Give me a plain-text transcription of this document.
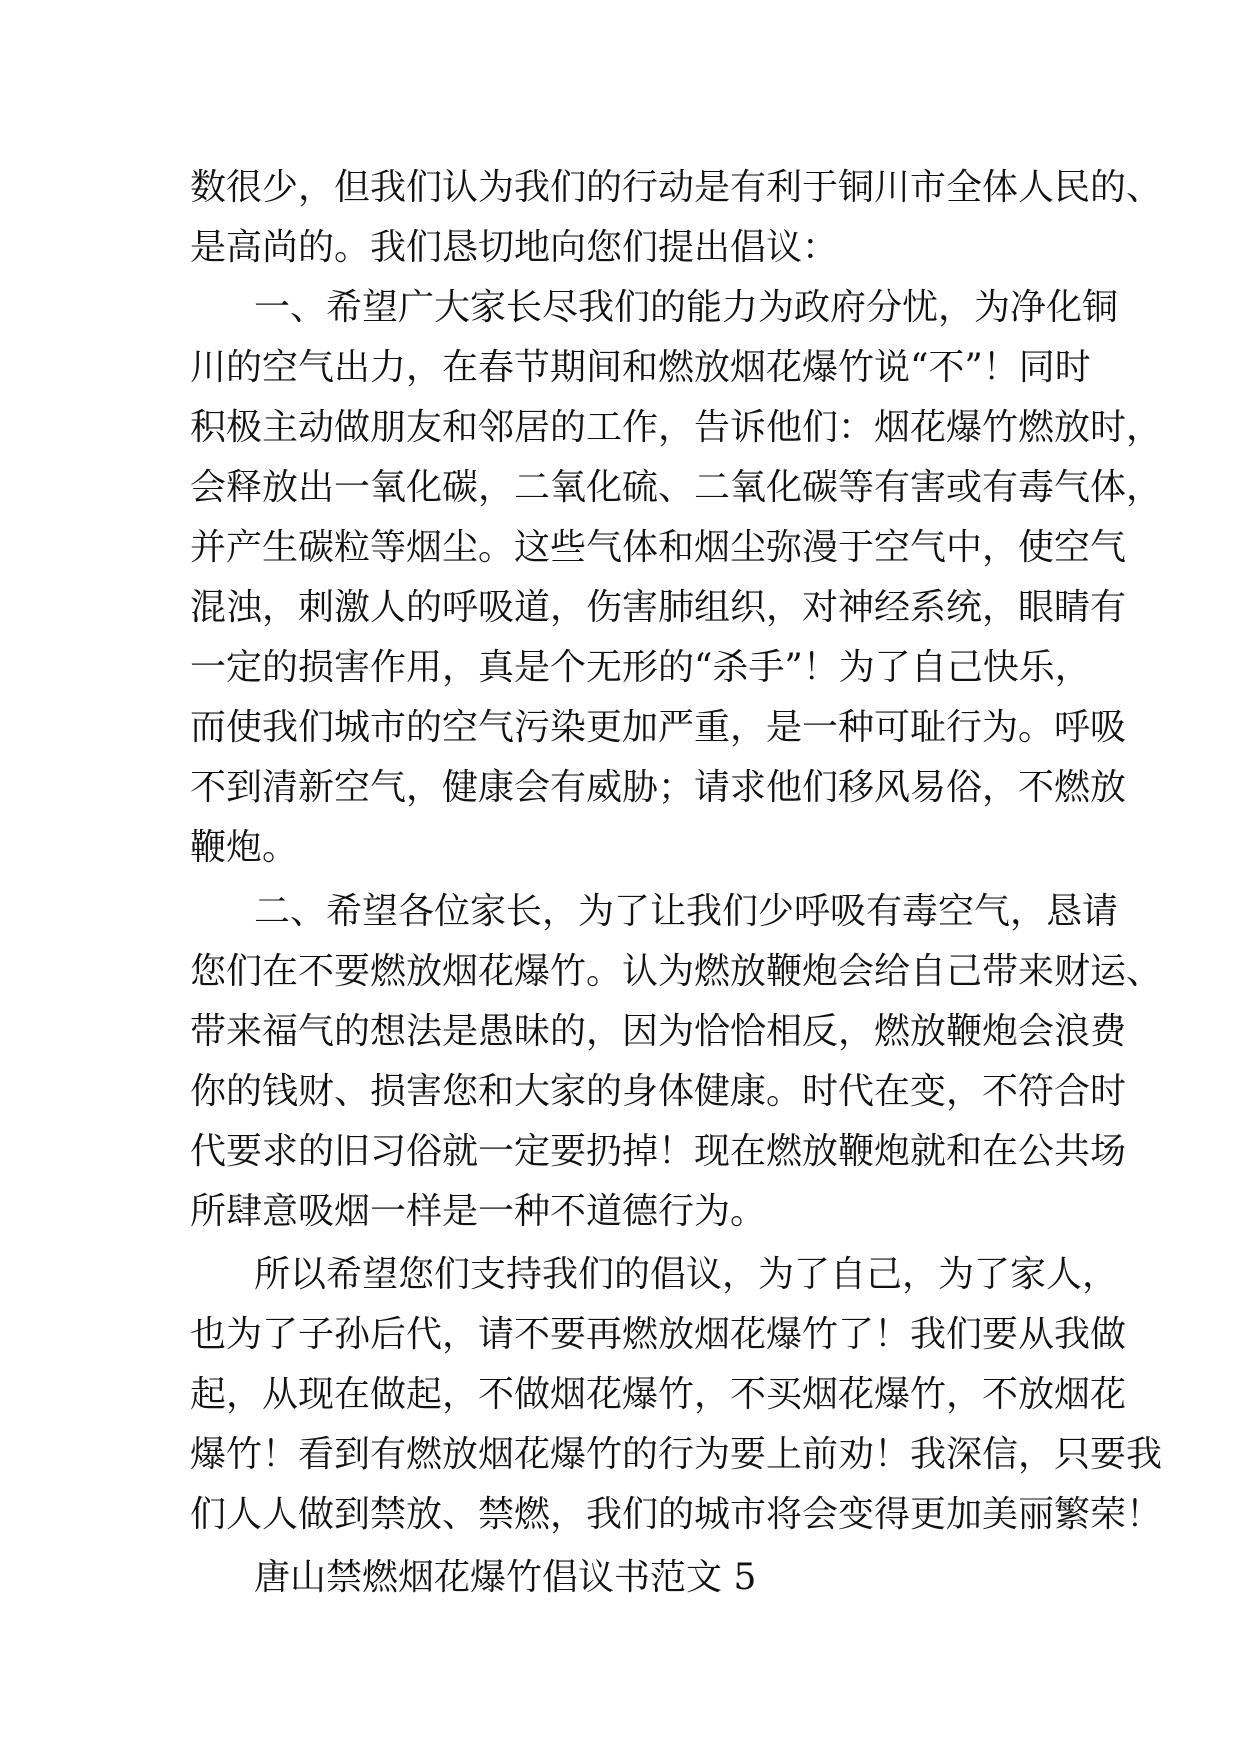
数很少，但我们认为我们的行动是有利于铜川市全体人民的、
是高尚的。我们恳切地向您们提出倡议：
一、希望广大家长尽我们的能力为政府分忧，为净化铜
川的空气出力，在春节期间和燃放烟花爆竹说“不”！同时
积极主动做朋友和邻居的工作，告诉他们：烟花爆竹燃放时，
会释放出一氧化碳，二氧化硫、二氧化碳等有害或有毒气体，
并产生碳粒等烟尘。这些气体和烟尘弥漫于空气中，使空气
混浊，刺激人的呼吸道，伤害肺组织，对神经系统，眼睛有
一定的损害作用，真是个无形的“杀手”！为了自己快乐，
而使我们城市的空气污染更加严重，是一种可耻行为。呼吸
不到清新空气，健康会有威胁；请求他们移风易俗，不燃放
鞭炮。
二、希望各位家长，为了让我们少呼吸有毒空气，恳请
您们在不要燃放烟花爆竹。认为燃放鞭炮会给自己带来财运、
带来福气的想法是愚昧的，因为恰恰相反，燃放鞭炮会浪费
你的钱财、损害您和大家的身体健康。时代在变，不符合时
代要求的旧习俗就一定要扔掉！现在燃放鞭炮就和在公共场
所肆意吸烟一样是一种不道德行为。
所以希望您们支持我们的倡议，为了自己，为了家人，
也为了子孙后代，请不要再燃放烟花爆竹了！我们要从我做
起，从现在做起，不做烟花爆竹，不买烟花爆竹，不放烟花
爆竹！看到有燃放烟花爆竹的行为要上前劝！我深信，只要我
们人人做到禁放、禁燃，我们的城市将会变得更加美丽繁荣！
唐山禁燃烟花爆竹倡议书范文 5
